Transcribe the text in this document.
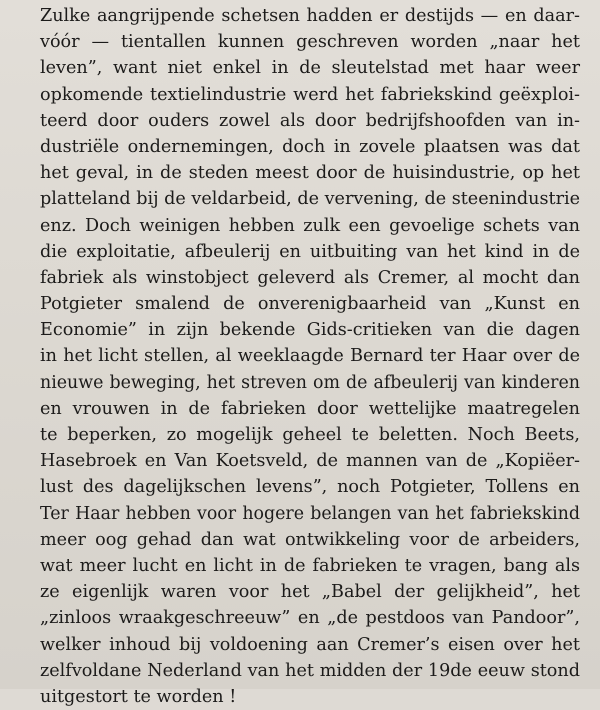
Zulke aangrijpende schetsen hadden er destijds — en daar-
vóór — tientallen kunnen geschreven worden „naar het
leven”, want niet enkel in de sleutelstad met haar weer
opkomende textielindustrie werd het fabriekskind geëxploi-
teerd door ouders zowel als door bedrijfshoofden van in-
dustriële ondernemingen, doch in zovele plaatsen was dat
het geval, in de steden meest door de huisindustrie, op het
platteland bij de veldarbeid, de vervening, de steenindustrie
enz. Doch weinigen hebben zulk een gevoelige schets van
die exploitatie, afbeulerij en uitbuiting van het kind in de
fabriek als winstobject geleverd als Cremer, al mocht dan
Potgieter smalend de onverenigbaarheid van „Kunst en
Economie” in zijn bekende Gids-critieken van die dagen
in het licht stellen, al weeklaagde Bernard ter Haar over de
nieuwe beweging, het streven om de afbeulerij van kinderen
en vrouwen in de fabrieken door wettelijke maatregelen
te beperken, zo mogelijk geheel te beletten. Noch Beets,
Hasebroek en Van Koetsveld, de mannen van de „Kopiëer-
lust des dagelijkschen levens”, noch Potgieter, Tollens en
Ter Haar hebben voor hogere belangen van het fabriekskind
meer oog gehad dan wat ontwikkeling voor de arbeiders,
wat meer lucht en licht in de fabrieken te vragen, bang als
ze eigenlijk waren voor het „Babel der gelijkheid”, het
„zinloos wraakgeschreeuw” en „de pestdoos van Pandoor”,
welker inhoud bij voldoening aan Cremer’s eisen over het
zelfvoldane Nederland van het midden der 19de eeuw stond
uitgestort te worden !
